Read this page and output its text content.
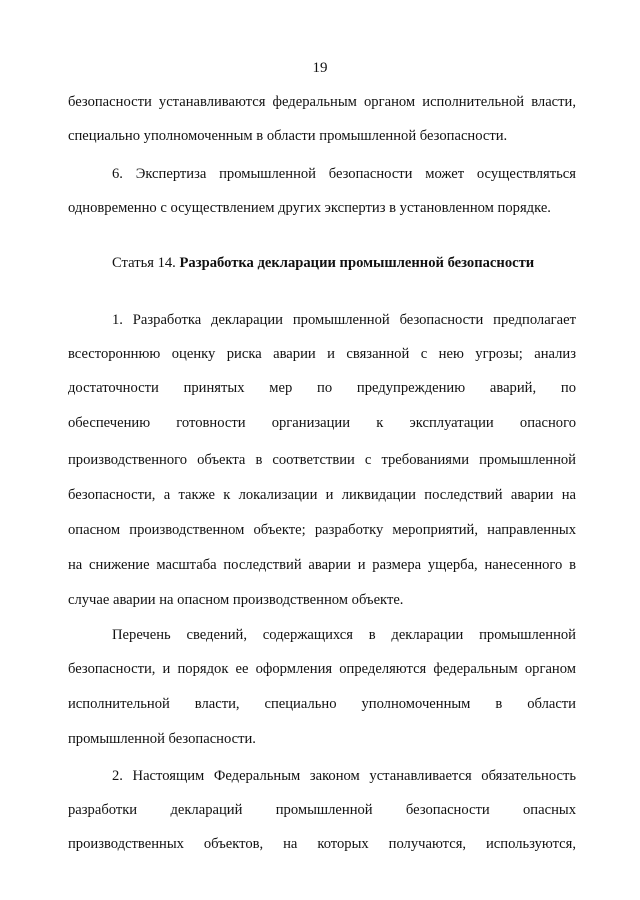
19
безопасности устанавливаются федеральным органом исполнительной власти,
специально уполномоченным в области промышленной безопасности.
6. Экспертиза промышленной безопасности может осуществляться
одновременно с осуществлением других экспертиз в установленном порядке.
Статья 14. Разработка декларации промышленной безопасности
1. Разработка декларации промышленной безопасности предполагает
всестороннюю оценку риска аварии и связанной с нею угрозы; анализ
достаточности принятых мер по предупреждению аварий, по
обеспечению готовности организации к эксплуатации опасного
производственного объекта в соответствии с требованиями промышленной
безопасности, а также к локализации и ликвидации последствий аварии на
опасном производственном объекте; разработку мероприятий, направленных
на снижение масштаба последствий аварии и размера ущерба, нанесенного в
случае аварии на опасном производственном объекте.
Перечень сведений, содержащихся в декларации промышленной
безопасности, и порядок ее оформления определяются федеральным органом
исполнительной власти, специально уполномоченным в области
промышленной безопасности.
2. Настоящим Федеральным законом устанавливается обязательность
разработки деклараций промышленной безопасности опасных
производственных объектов, на которых получаются, используются,
